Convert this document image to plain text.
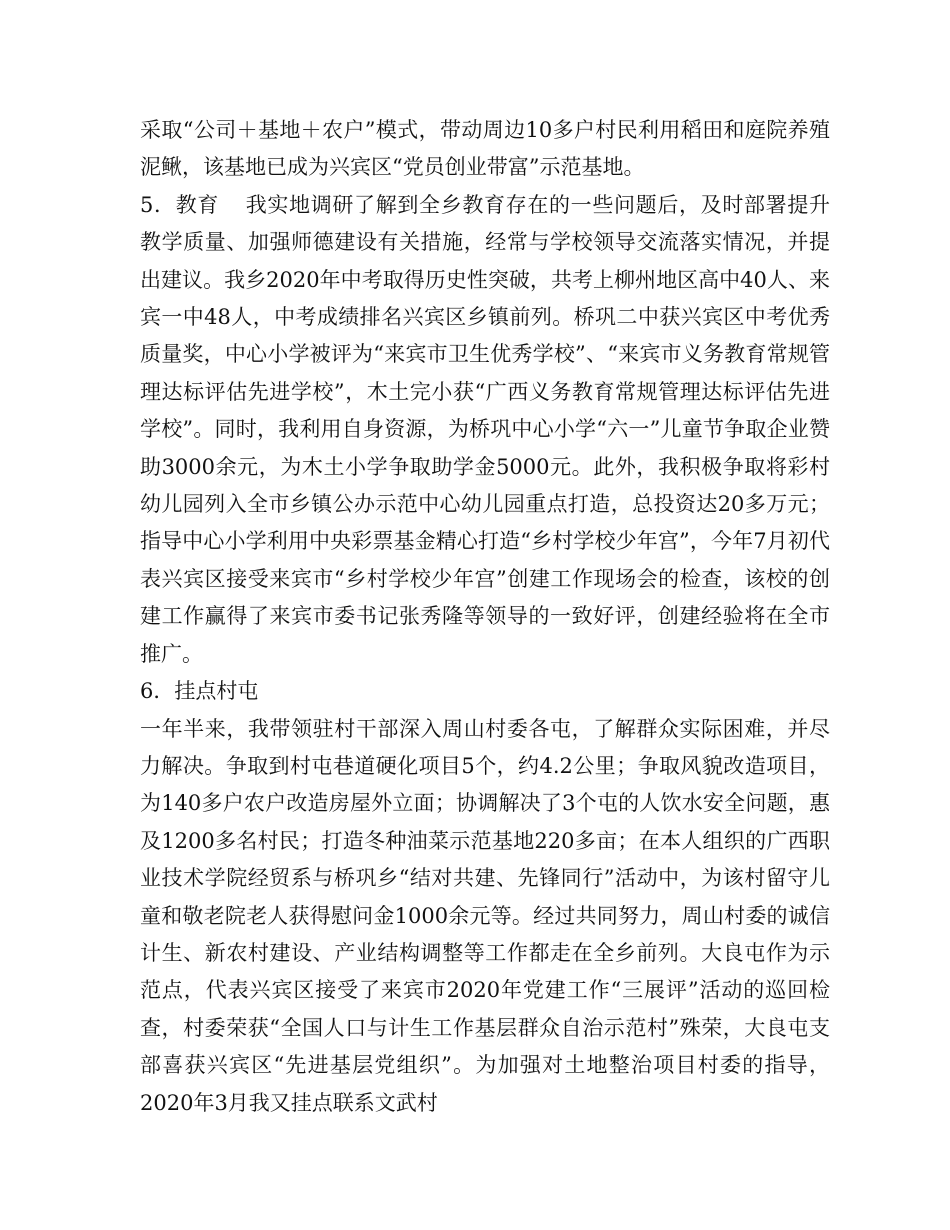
采取“公司＋基地＋农户”模式，带动周边10多户村民利用稻田和庭院养殖泥鳅，该基地已成为兴宾区“党员创业带富”示范基地。

5．教育 我实地调研了解到全乡教育存在的一些问题后，及时部署提升教学质量、加强师德建设有关措施，经常与学校领导交流落实情况，并提出建议。我乡2020年中考取得历史性突破，共考上柳州地区高中40人、来宾一中48人，中考成绩排名兴宾区乡镇前列。桥巩二中获兴宾区中考优秀质量奖，中心小学被评为“来宾市卫生优秀学校”、“来宾市义务教育常规管理达标评估先进学校”，木土完小获“广西义务教育常规管理达标评估先进学校”。同时，我利用自身资源，为桥巩中心小学“六一”儿童节争取企业赞助3000余元，为木土小学争取助学金5000元。此外，我积极争取将彩村幼儿园列入全市乡镇公办示范中心幼儿园重点打造，总投资达20多万元；指导中心小学利用中央彩票基金精心打造“乡村学校少年宫”，今年7月初代表兴宾区接受来宾市“乡村学校少年宫”创建工作现场会的检查，该校的创建工作赢得了来宾市委书记张秀隆等领导的一致好评，创建经验将在全市推广。

6．挂点村屯

一年半来，我带领驻村干部深入周山村委各屯，了解群众实际困难，并尽力解决。争取到村屯巷道硬化项目5个，约4.2公里；争取风貌改造项目，为140多户农户改造房屋外立面；协调解决了3个屯的人饮水安全问题，惠及1200多名村民；打造冬种油菜示范基地220多亩；在本人组织的广西职业技术学院经贸系与桥巩乡“结对共建、先锋同行”活动中，为该村留守儿童和敬老院老人获得慰问金1000余元等。经过共同努力，周山村委的诚信计生、新农村建设、产业结构调整等工作都走在全乡前列。大良屯作为示范点，代表兴宾区接受了来宾市2020年党建工作“三展评”活动的巡回检查，村委荣获“全国人口与计生工作基层群众自治示范村”殊荣，大良屯支部喜获兴宾区“先进基层党组织”。为加强对土地整治项目村委的指导，2020年3月我又挂点联系文武村
